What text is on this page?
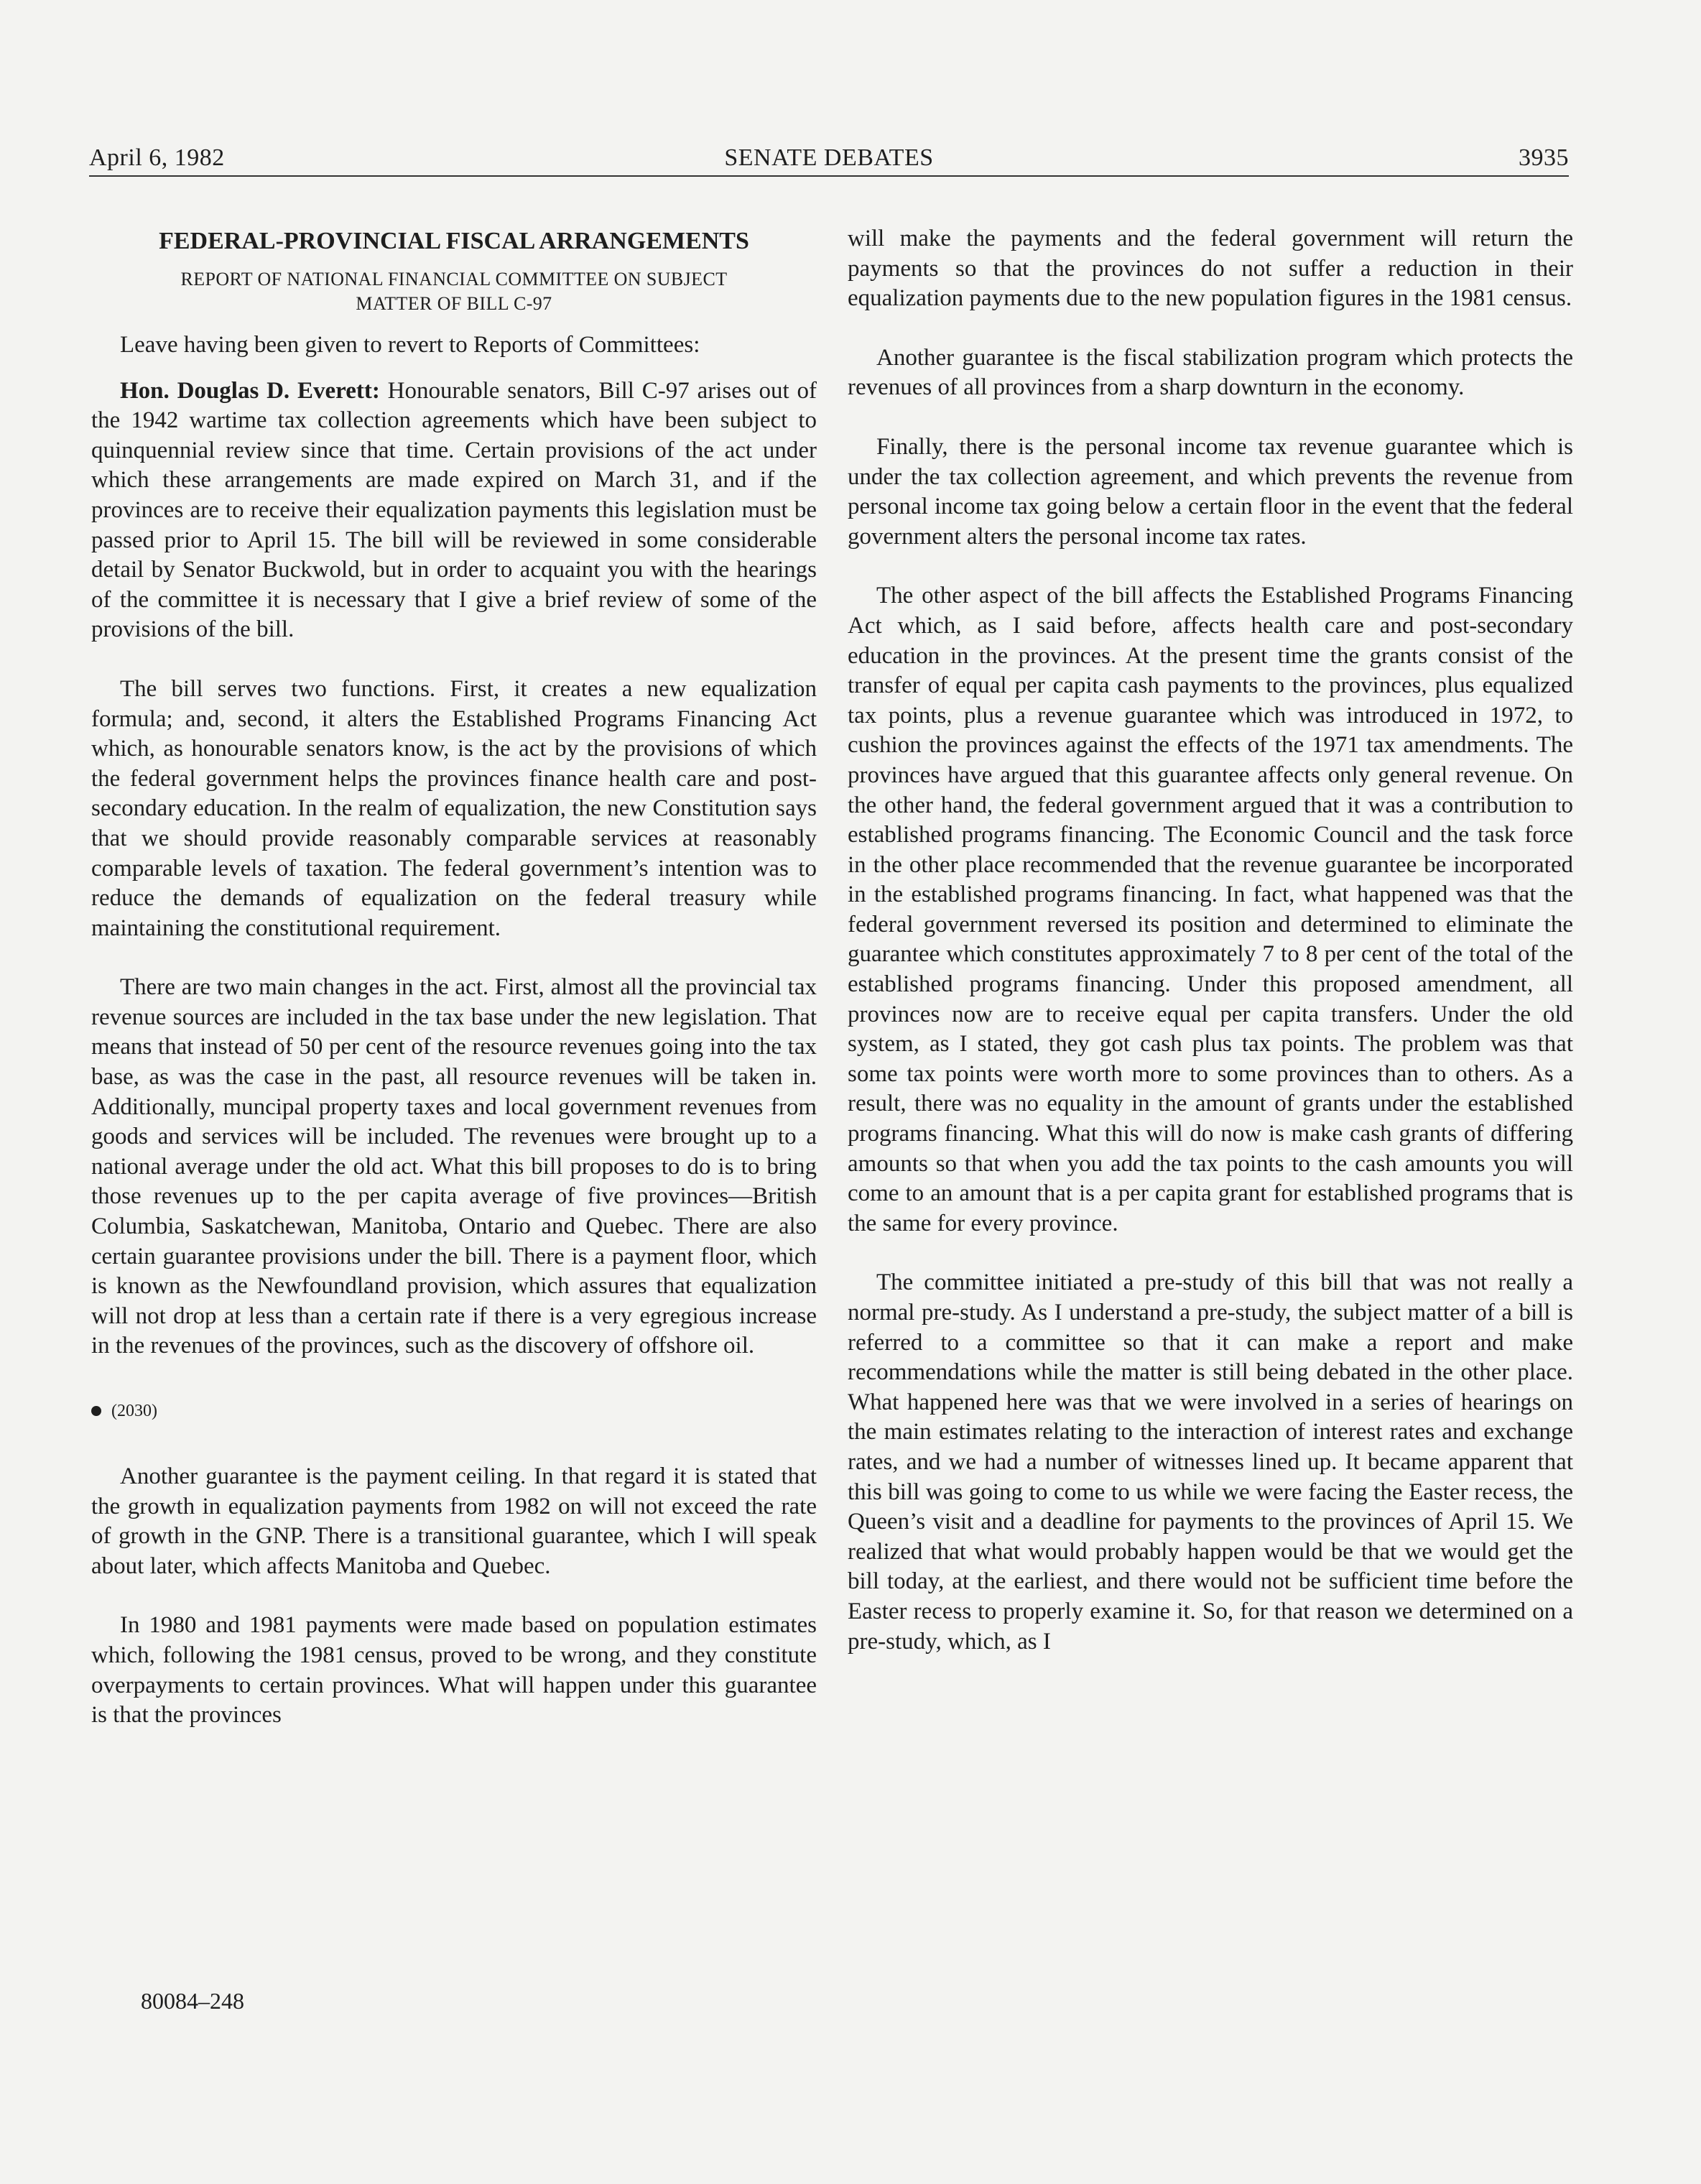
April 6, 1982	SENATE DEBATES	3935

FEDERAL-PROVINCIAL FISCAL ARRANGEMENTS

REPORT OF NATIONAL FINANCIAL COMMITTEE ON SUBJECT

MATTER OF BILL C-97

Leave having been given to revert to Reports of Committees:

Hon. Douglas D. Everett: Honourable senators, Bill C-97 arises out of the 1942 wartime tax collection agreements which have been subject to quinquennial review since that time. Certain provisions of the act under which these arrangements are made expired on March 31, and if the provinces are to receive their equalization payments this legislation must be passed prior to April 15. The bill will be reviewed in some considerable detail by Senator Buckwold, but in order to acquaint you with the hearings of the committee it is necessary that I give a brief review of some of the provisions of the bill.

The bill serves two functions. First, it creates a new equalization formula; and, second, it alters the Established Programs Financing Act which, as honourable senators know, is the act by the provisions of which the federal government helps the provinces finance health care and post-secondary education. In the realm of equalization, the new Constitution says that we should provide reasonably comparable services at reasonably comparable levels of taxation. The federal government’s intention was to reduce the demands of equalization on the federal treasury while maintaining the constitutional requirement.

There are two main changes in the act. First, almost all the provincial tax revenue sources are included in the tax base under the new legislation. That means that instead of 50 per cent of the resource revenues going into the tax base, as was the case in the past, all resource revenues will be taken in. Additionally, muncipal property taxes and local government revenues from goods and services will be included. The revenues were brought up to a national average under the old act. What this bill proposes to do is to bring those revenues up to the per capita average of five provinces—British Columbia, Saskatchewan, Manitoba, Ontario and Quebec. There are also certain guarantee provisions under the bill. There is a payment floor, which is known as the Newfoundland provision, which assures that equalization will not drop at less than a certain rate if there is a very egregious increase in the revenues of the provinces, such as the discovery of offshore oil.

(2030)

Another guarantee is the payment ceiling. In that regard it is stated that the growth in equalization payments from 1982 on will not exceed the rate of growth in the GNP. There is a transitional guarantee, which I will speak about later, which affects Manitoba and Quebec.

In 1980 and 1981 payments were made based on population estimates which, following the 1981 census, proved to be wrong, and they constitute overpayments to certain provinces. What will happen under this guarantee is that the provinces

will make the payments and the federal government will return the payments so that the provinces do not suffer a reduction in their equalization payments due to the new population figures in the 1981 census.

Another guarantee is the fiscal stabilization program which protects the revenues of all provinces from a sharp downturn in the economy.

Finally, there is the personal income tax revenue guarantee which is under the tax collection agreement, and which prevents the revenue from personal income tax going below a certain floor in the event that the federal government alters the personal income tax rates.

The other aspect of the bill affects the Established Programs Financing Act which, as I said before, affects health care and post-secondary education in the provinces. At the present time the grants consist of the transfer of equal per capita cash payments to the provinces, plus equalized tax points, plus a revenue guarantee which was introduced in 1972, to cushion the provinces against the effects of the 1971 tax amendments. The provinces have argued that this guarantee affects only general revenue. On the other hand, the federal government argued that it was a contribution to established programs financing. The Economic Council and the task force in the other place recommended that the revenue guarantee be incorporated in the established programs financing. In fact, what happened was that the federal government reversed its position and determined to eliminate the guarantee which constitutes approximately 7 to 8 per cent of the total of the established programs financing. Under this proposed amendment, all provinces now are to receive equal per capita transfers. Under the old system, as I stated, they got cash plus tax points. The problem was that some tax points were worth more to some provinces than to others. As a result, there was no equality in the amount of grants under the established programs financing. What this will do now is make cash grants of differing amounts so that when you add the tax points to the cash amounts you will come to an amount that is a per capita grant for established programs that is the same for every province.

The committee initiated a pre-study of this bill that was not really a normal pre-study. As I understand a pre-study, the subject matter of a bill is referred to a committee so that it can make a report and make recommendations while the matter is still being debated in the other place. What happened here was that we were involved in a series of hearings on the main estimates relating to the interaction of interest rates and exchange rates, and we had a number of witnesses lined up. It became apparent that this bill was going to come to us while we were facing the Easter recess, the Queen’s visit and a deadline for payments to the provinces of April 15. We realized that what would probably happen would be that we would get the bill today, at the earliest, and there would not be sufficient time before the Easter recess to properly examine it. So, for that reason we determined on a pre-study, which, as I

80084–248
